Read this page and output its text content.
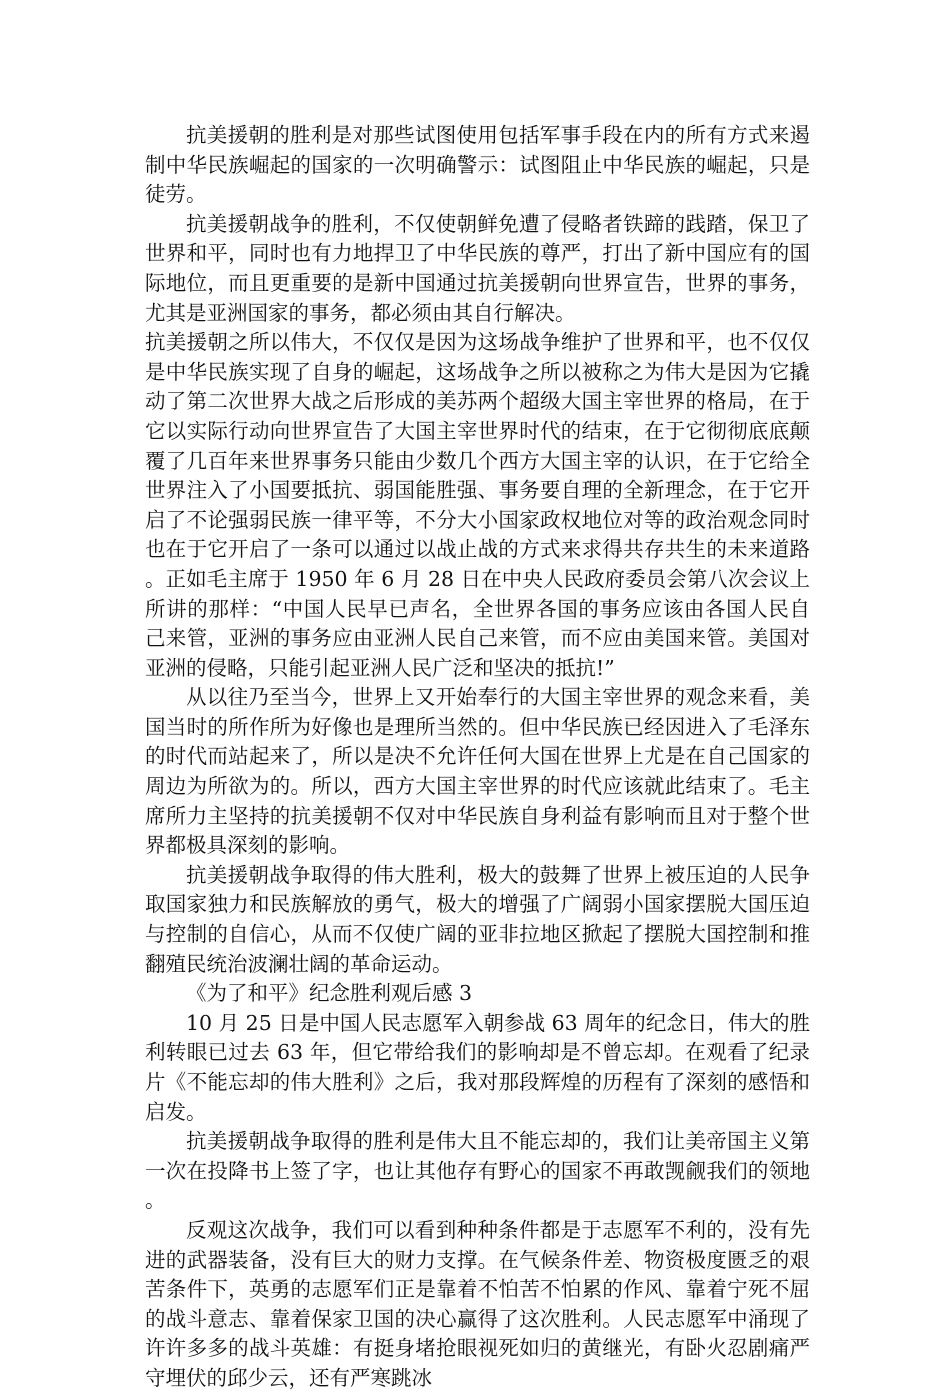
抗美援朝的胜利是对那些试图使用包括军事手段在内的所有方式来遏制中华民族崛起的国家的一次明确警示：试图阻止中华民族的崛起，只是徒劳。

抗美援朝战争的胜利，不仅使朝鲜免遭了侵略者铁蹄的践踏，保卫了世界和平，同时也有力地捍卫了中华民族的尊严，打出了新中国应有的国际地位，而且更重要的是新中国通过抗美援朝向世界宣告，世界的事务，尤其是亚洲国家的事务，都必须由其自行解决。

抗美援朝之所以伟大，不仅仅是因为这场战争维护了世界和平，也不仅仅是中华民族实现了自身的崛起，这场战争之所以被称之为伟大是因为它撬动了第二次世界大战之后形成的美苏两个超级大国主宰世界的格局，在于它以实际行动向世界宣告了大国主宰世界时代的结束，在于它彻彻底底颠覆了几百年来世界事务只能由少数几个西方大国主宰的认识，在于它给全世界注入了小国要抵抗、弱国能胜强、事务要自理的全新理念，在于它开启了不论强弱民族一律平等，不分大小国家政权地位对等的政治观念同时也在于它开启了一条可以通过以战止战的方式来求得共存共生的未来道路。正如毛主席于 1950 年 6 月 28 日在中央人民政府委员会第八次会议上所讲的那样：“中国人民早已声名，全世界各国的事务应该由各国人民自己来管，亚洲的事务应由亚洲人民自己来管，而不应由美国来管。美国对亚洲的侵略，只能引起亚洲人民广泛和坚决的抵抗!”

从以往乃至当今，世界上又开始奉行的大国主宰世界的观念来看，美国当时的所作所为好像也是理所当然的。但中华民族已经因进入了毛泽东的时代而站起来了，所以是决不允许任何大国在世界上尤是在自己国家的周边为所欲为的。所以，西方大国主宰世界的时代应该就此结束了。毛主席所力主坚持的抗美援朝不仅对中华民族自身利益有影响而且对于整个世界都极具深刻的影响。

抗美援朝战争取得的伟大胜利，极大的鼓舞了世界上被压迫的人民争取国家独力和民族解放的勇气，极大的增强了广阔弱小国家摆脱大国压迫与控制的自信心，从而不仅使广阔的亚非拉地区掀起了摆脱大国控制和推翻殖民统治波澜壮阔的革命运动。

《为了和平》纪念胜利观后感 3

10 月 25 日是中国人民志愿军入朝参战 63 周年的纪念日，伟大的胜利转眼已过去 63 年，但它带给我们的影响却是不曾忘却。在观看了纪录片《不能忘却的伟大胜利》之后，我对那段辉煌的历程有了深刻的感悟和启发。

抗美援朝战争取得的胜利是伟大且不能忘却的，我们让美帝国主义第一次在投降书上签了字，也让其他存有野心的国家不再敢觊觎我们的领地。

反观这次战争，我们可以看到种种条件都是于志愿军不利的，没有先进的武器装备，没有巨大的财力支撑。在气候条件差、物资极度匮乏的艰苦条件下，英勇的志愿军们正是靠着不怕苦不怕累的作风、靠着宁死不屈的战斗意志、靠着保家卫国的决心赢得了这次胜利。人民志愿军中涌现了许许多多的战斗英雄：有挺身堵抢眼视死如归的黄继光，有卧火忍剧痛严守埋伏的邱少云，还有严寒跳冰
